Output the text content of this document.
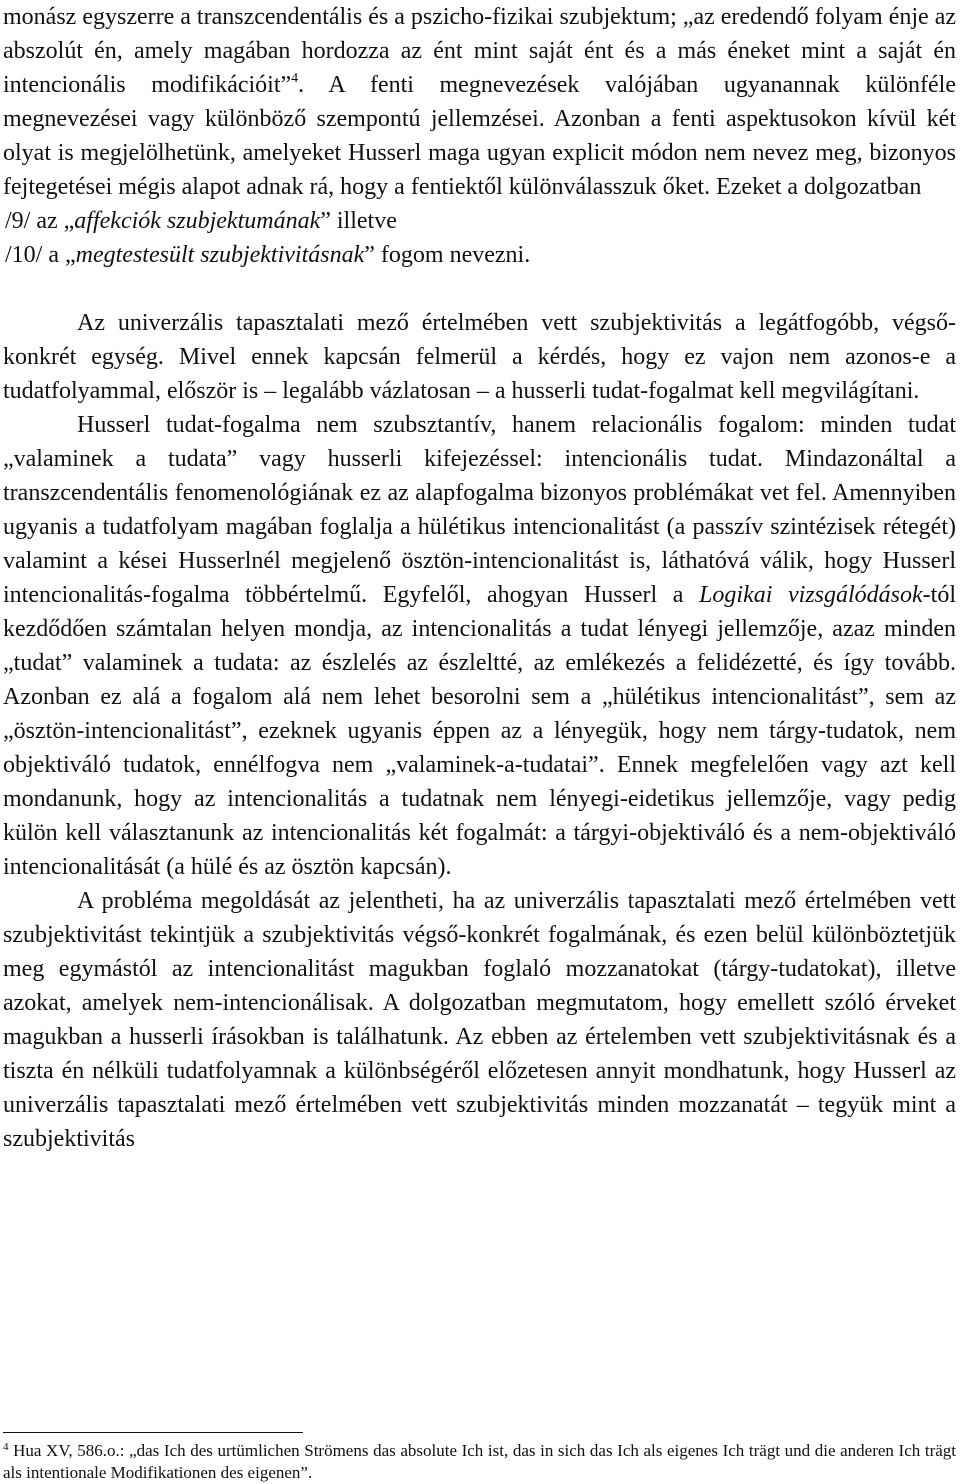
monász egyszerre a transzcendentális és a pszicho-fizikai szubjektum; „az eredendő folyam énje az abszolút én, amely magában hordozza az ént mint saját ént és a más éneket mint a saját én intencionális modifikációit”$^4$. A fenti megnevezések valójában ugyanannak különféle megnevezései vagy különböző szempontú jellemzései. Azonban a fenti aspektusokon kívül két olyat is megjelölhetünk, amelyeket Husserl maga ugyan explicit módon nem nevez meg, bizonyos fejtegetései mégis alapot adnak rá, hogy a fentiektől különválasszuk őket. Ezeket a dolgozatban

/9/ az „affekciók szubjektumának” illetve

/10/ a „megtestesült szubjektivitásnak” fogom nevezni.

Az univerzális tapasztalati mező értelmében vett szubjektivitás a legátfogóbb, végső-konkrét egység. Mivel ennek kapcsán felmerül a kérdés, hogy ez vajon nem azonos-e a tudatfolyammal, először is – legalább vázlatosan – a husserli tudat-fogalmat kell megvilágítani.

Husserl tudat-fogalma nem szubsztantív, hanem relacionális fogalom: minden tudat „valaminek a tudata” vagy husserli kifejezéssel: intencionális tudat. Mindazonáltal a transzcendentális fenomenológiának ez az alapfogalma bizonyos problémákat vet fel. Amennyiben ugyanis a tudatfolyam magában foglalja a hülétikus intencionalitást (a passzív szintézisek rétegét) valamint a kései Husserlnél megjelenő ösztön-intencionalitást is, láthatóvá válik, hogy Husserl intencionalitás-fogalma többértelmű. Egyfelől, ahogyan Husserl a Logikai vizsgálódások-tól kezdődően számtalan helyen mondja, az intencionalitás a tudat lényegi jellemzője, azaz minden „tudat” valaminek a tudata: az észlelés az észleltté, az emlékezés a felidézetté, és így tovább. Azonban ez alá a fogalom alá nem lehet besorolni sem a „hülétikus intencionalitást”, sem az „ösztön-intencionalitást”, ezeknek ugyanis éppen az a lényegük, hogy nem tárgy-tudatok, nem objektiváló tudatok, ennélfogva nem „valaminek-a-tudatai”. Ennek megfelelően vagy azt kell mondanunk, hogy az intencionalitás a tudatnak nem lényegi-eidetikus jellemzője, vagy pedig külön kell választanunk az intencionalitás két fogalmát: a tárgyi-objektiváló és a nem-objektiváló intencionalitását (a hülé és az ösztön kapcsán).

A probléma megoldását az jelentheti, ha az univerzális tapasztalati mező értelmében vett szubjektivitást tekintjük a szubjektivitás végső-konkrét fogalmának, és ezen belül különböztetjük meg egymástól az intencionalitást magukban foglaló mozzanatokat (tárgy-tudatokat), illetve azokat, amelyek nem-intencionálisak. A dolgozatban megmutatom, hogy emellett szóló érveket magukban a husserli írásokban is találhatunk. Az ebben az értelemben vett szubjektivitásnak és a tiszta én nélküli tudatfolyamnak a különbségéről előzetesen annyit mondhatunk, hogy Husserl az univerzális tapasztalati mező értelmében vett szubjektivitás minden mozzanatát – tegyük mint a szubjektivitás

$^4$ Hua XV, 586.o.: „das Ich des urtümlichen Strömens das absolute Ich ist, das in sich das Ich als eigenes Ich trägt und die anderen Ich trägt als intentionale Modifikationen des eigenen”.
